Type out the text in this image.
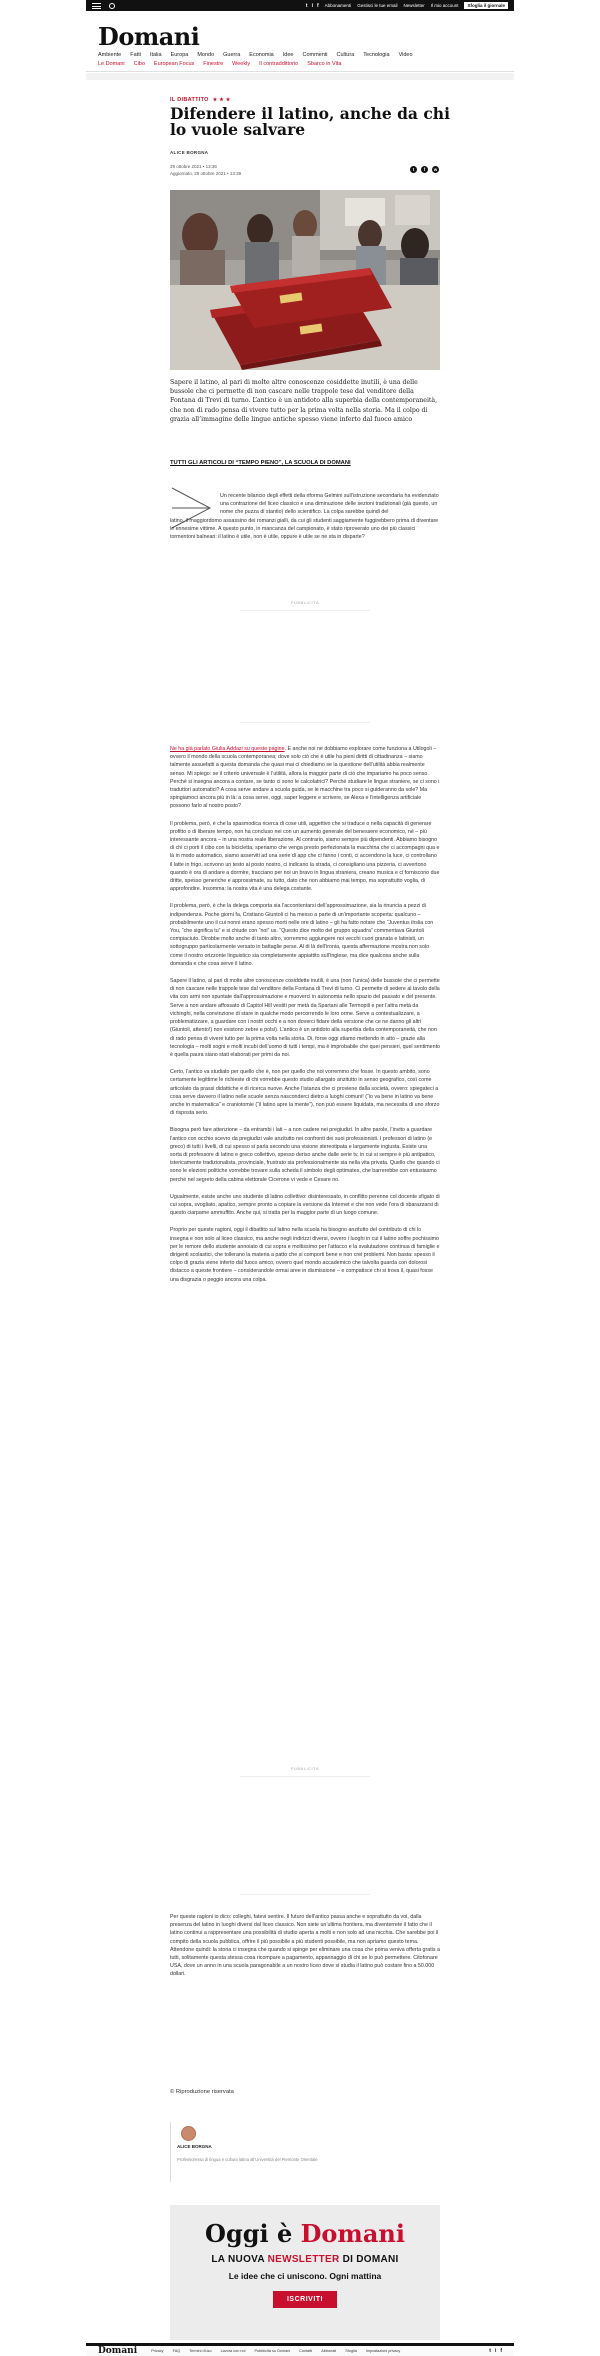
t i f Abbonamenti Gestisci le tue email Newsletter Il mio account	Sfoglia il giornale
Domani
Ambiente Fatti Italia Europa Mondo Guerra Economia Idee Commenti Cultura Tecnologia Video
Le Domani Cibo European Focus Finestre Weekly Il contraddittorio Sbarco in Vita
IL DIBATTITO ★ ★ ★
Difendere il latino, anche da chi lo vuole salvare
ALICE BORGNA
29 ottobre 2021 • 13:36
Aggiornato, 29 ottobre 2021 • 13:39
t	f	w

Sapere il latino, al pari di molte altre conoscenze cosiddette inutili, è una delle bussole che ci permette di non cascare nelle trappole tese dal venditore della Fontana di Trevi di turno. L’antico è un antidoto alla superbia della contemporaneità, che non di rado pensa di vivere tutto per la prima volta nella storia. Ma il colpo di grazia all’immagine delle lingue antiche spesso viene inferto dal fuoco amico

TUTTI GLI ARTICOLI DI “TEMPO PIENO”, LA SCUOLA DI DOMANI
Un recente bilancio degli effetti della riforma Gelmini sull’istruzione secondaria ha evidenziato una contrazione del liceo classico e una diminuzione delle sezioni tradizionali (già questo, un nome che puzza di stantio) dello scientifico. La colpa sarebbe quindi del
latino, il maggiordomo assassino dei romanzi gialli, da cui gli studenti saggiamente fuggirebbero prima di diventare le ennesime vittime. A questo punto, in mancanza del campionato, è stato riproverato uno dei più classici tormentoni balneari: il latino è utile, non è utile, oppure è utile se ne sta in disparte?
PUBBLICITÀ

Ne ha già parlato Giulia Addazi su queste pagine. E anche noi ne dobbiamo esplorare come funziona a Utilogoli – ovvero il mondo della scuola contemporanea; dove solo ciò che è utile ha pieni diritti di cittadinanza – siamo talmente assuefatti a questa domanda che quasi mai ci chiediamo se la questione dell’utilità abbia realmente senso. Mi spiego: se il criterio universale è l’utilità, allora la maggior parte di ciò che impariamo ha poco senso. Perché si insegna ancora a contare, se tanto ci sono le calcolatrici? Perché studiare le lingue straniere, se ci sono i traduttori automatici? A cosa serve andare a scuola guida, se le macchine tra poco si guideranno da sole? Ma spingiamoci ancora più in là: a cosa serve, oggi, saper leggere e scrivere, se Alexa e l’intelligenza artificiale possono farlo al nostro posto?

Il problema, però, è che la spasmodica ricerca di cose utili, aggettivo che si traduce o nella capacità di generare profitto o di liberare tempo, non ha concluso nei con un aumento generale del benessere economico, né – più interessante ancora – in una nostra reale liberazione. Al contrario, siamo sempre più dipendenti. Abbiamo bisogno di chi ci porti il cibo con la bicicletta, speriamo che venga presto perfezionata la macchina che ci accompagni qua e là in modo automatico, siamo asserviti ad una serie di app che ci fanno i conti, ci accendono la luce, ci controllano il latte in frigo, scrivono un testo al posto nostro, ci indicano la strada, ci consigliano una pizzeria, ci avvertono quando è ora di andare a dormire, tracciano per noi un bravo in lingua straniera, creano musica e ci forniscono due dritte, spesso generiche e approssimate, su tutto, dato che non abbiamo mai tempo, ma soprattutto voglia, di approfondire. Insomma: la nostra vita è una delega costante.

Il problema, però, è che la delega comporta sia l’accontentarsi dell’approssimazione, sia la rinuncia a pezzi di indipendenza. Poche giorni fa, Cristiano Giuntoli ci ha messo a parte di un’importante scoperta: qualcuno – probabilmente uno il cui nonni erano spesso morti nelle ore di latino – gli ha fatto notare che “Juventus ihslia con You, “che significa tu” e si chiude con “noi” us. “Questo dice molto del gruppo squadra” commentava Giuntoli compiaciuto. Dirobbe molto anche di tanto altro, vorremmo aggiungere noi vecchi cuori granata e latinisti, un sottogruppo particolarmente versato in battaglie perse. Al di là dell’ironia, questa affermazione mostra non solo come il nostro orizzonte linguistico sia completamente appiattito sull’inglese, ma dice qualcosa anche sulla domanda e che cosa serve il latino.

Sapere il latino, al pari di molte altre conoscenze cosiddette inutili, è una (non l’unica) delle bussole che ci permette di non cascare nelle trappole tese dal venditore della Fontana di Trevi di turno. Ci permette di sedere al tavolo della vita con armi non spuntate dall’approssimazione e muoverci in autonomia nello spazio del passato e del presente. Serve a non andare affossato di Capitol Hill vestiti per metà da Spartani alle Termopili e per l’altra metà da vichinghi, nella convinzione di stare in qualche modo percorrendo le loro orme. Serve a contestualizzare, a problematizzare, a guardare con i nostri occhi e a non doverci fidare della versione che ce ne danno gli altri (Giuntoli, attento!) non esistono zebre e polsi). L’antico è un antidoto alla superbia della contemporaneità, che non di rado pensa di vivere tutto per la prima volta nella storia. Di, forse oggi stiamo mettendo in atto – grazie alla tecnologia – molti sogni e molti incubi dell’uomo di tutti i tempi, ma è improbabile che quei pensieri, quel sentimento è quella paura siano stati elaborati per primi da noi.

Certo, l’antico va studiato per quello che è, non per quello che noi vorremmo che fosse. In questo ambito, sono certamente legittime le richieste di chi vorrebbe questo studio allargato anzitutto in senso geografico, così come articolato da prassi didattiche e di ricerca nuove. Anche l’istanza che ci proviene dalla società, ovvero: spiegateci a cosa serve davvero il latino nelle scuole senza nasconderci dietro a luoghi comuni! (“io va bene in latino va bene anche in matematica” e craniotomie (“il latino apre la mente”), non può essere liquidata, ma necessita di uno sforzo di risposta serio.

Bisogna però fare attenzione – da entrambi i lati – a non cadere nei pregiudizi. In altre parole, l’invito a guardare l’antico con occhio scevro da pregiudizi vale anzitutto nei confronti dei suoi professionisti. I professori di latino (e greco) di tutti i livelli, di cui spesso si parla secondo una visione stereotipata e largamente ingiusta. Esiste una sorta di professore di latino e greco collettivo, spesso deriso anche dalle serie tv, in cui si sempre è più antipatico, istericamente tradizionalista, provinciale, frustrato sia professionalmente sia nella vita privata. Quello che quando ci sono le elezioni politiche vorrebbe trovare sulla scheda il simbolo degli optimates, che barrerebbe con entusiasmo perché nel segreto della cabina elettorale Cicerone vi vede e Cesare no.

Ugualmente, esiste anche uno studente di latino collettivo: disinteressato, in conflitto perenne col docente sfigato di cui sopra, svogliato, apatico, sempre pronto a copiare la versione da Internet e che non vede l’ora di sbarazzarsi di questo ciarpame ammuffito. Anche qui, si tratta per la maggior parte di un luogo comune.

Proprio per queste ragioni, oggi il dibattito sul latino nella scuola ha bisogno anzitutto del contributo di chi lo insegna e non solo al liceo classico, ma anche negli indirizzi diversi, ovvero i luoghi in cui il latino soffre pochissimo per le remore dello studente annoiato di cui sopra e moltissimo per l’attacco e la svalutazione continua di famiglie e dirigenti scolastici, che tollerano la materia a patto che si comporti bene e non crei problemi. Non basta: spesso il colpo di grazia viene inferto dal fuoco amico, ovvero quel mondo accademico che talvolta guarda con dolorosi distacco a queste frontiere – considerandole ormai aree in dismissione – e compatisce chi si trova il, quasi fosse una disgrazia o peggio ancora una colpa.

PUBBLICITÀ

Per queste ragioni io dico: colleghi, fatevi sentire. Il futuro dell’antico passa anche e soprattutto da voi, dalla presenza del latino in luoghi diversi dal liceo classico. Non siete un’ultima frontiera, ma diventerrete il fatto che il latino continui a rappresentare una possibilità di studio aperta a molti e non solo ad una nicchia. Che sarebbe poi il compito della scuola pubblica, offrire il più possibile a più studenti possibile, ma non apriamo questo tema. Attendone quindi: la storia ci insegna che quando si spinge per eliminare una cosa che prima veniva offerta gratis a tutti, solitamente questa stessa cosa ricompare a pagamento, appannaggio di chi se lo può permettere. Citofonare USA, dove un anno in una scuola paragonabile a un nostro liceo dove si studia il latino può costare fino a 50.000 dollari.

© Riproduzione riservata
ALICE BORGNA
Professoressa di lingua e cultura latina all’Università del Piemonte Orientale
Oggi è Domani
LA NUOVA NEWSLETTER DI DOMANI
Le idee che ci uniscono. Ogni mattina
ISCRIVITI
Domani	Privacy FAQ Termini d’uso Lavora con noi Pubblicità su Domani Contatti Abbonati Sfoglia Impostazioni privacy	t i f
